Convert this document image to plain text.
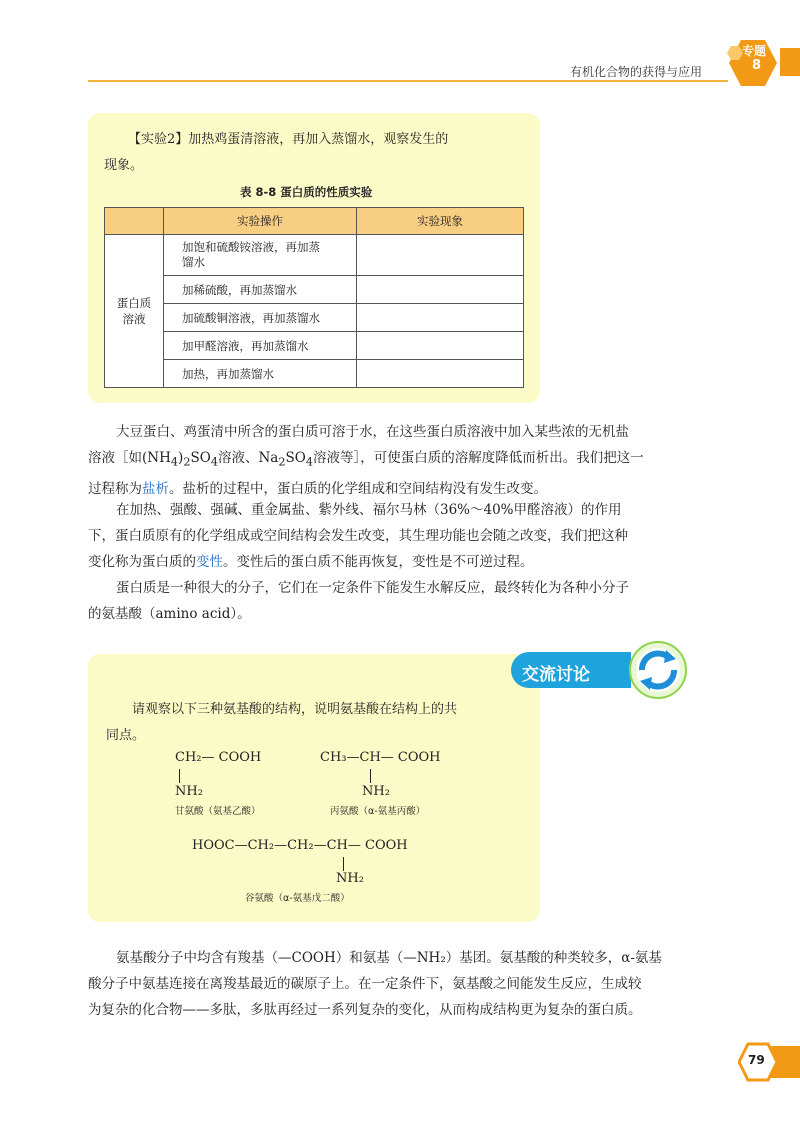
有机化合物的获得与应用
专题
8
【实验2】加热鸡蛋清溶液，再加入蒸馏水，观察发生的
现象。
表 8-8 蛋白质的性质实验
	实验操作	实验现象
蛋白质
溶液	加饱和硫酸铵溶液，再加蒸
馏水	
	加稀硫酸，再加蒸馏水	
	加硫酸铜溶液，再加蒸馏水	
	加甲醛溶液，再加蒸馏水	
	加热，再加蒸馏水	
大豆蛋白、鸡蛋清中所含的蛋白质可溶于水，在这些蛋白质溶液中加入某些浓的无机盐
溶液［如$(NH_4)_2SO_4$溶液、$Na_2SO_4$溶液等］，可使蛋白质的溶解度降低而析出。我们把这一
过程称为盐析。盐析的过程中，蛋白质的化学组成和空间结构没有发生改变。
在加热、强酸、强碱、重金属盐、紫外线、福尔马林（36%～40%甲醛溶液）的作用
下，蛋白质原有的化学组成或空间结构会发生改变，其生理功能也会随之改变，我们把这种
变化称为蛋白质的变性。变性后的蛋白质不能再恢复，变性是不可逆过程。
蛋白质是一种很大的分子，它们在一定条件下能发生水解反应，最终转化为各种小分子
的氨基酸（amino acid）。
交流讨论
请观察以下三种氨基酸的结构，说明氨基酸在结构上的共
同点。
CH₂— COOH
NH₂
甘氨酸（氨基乙酸）
CH₃—CH— COOH
NH₂
丙氨酸（α-氨基丙酸）
HOOC—CH₂—CH₂—CH— COOH
NH₂
谷氨酸（α-氨基戊二酸）
氨基酸分子中均含有羧基（—COOH）和氨基（—NH₂）基团。氨基酸的种类较多，α-氨基
酸分子中氨基连接在离羧基最近的碳原子上。在一定条件下，氨基酸之间能发生反应，生成较
为复杂的化合物——多肽，多肽再经过一系列复杂的变化，从而构成结构更为复杂的蛋白质。
79
